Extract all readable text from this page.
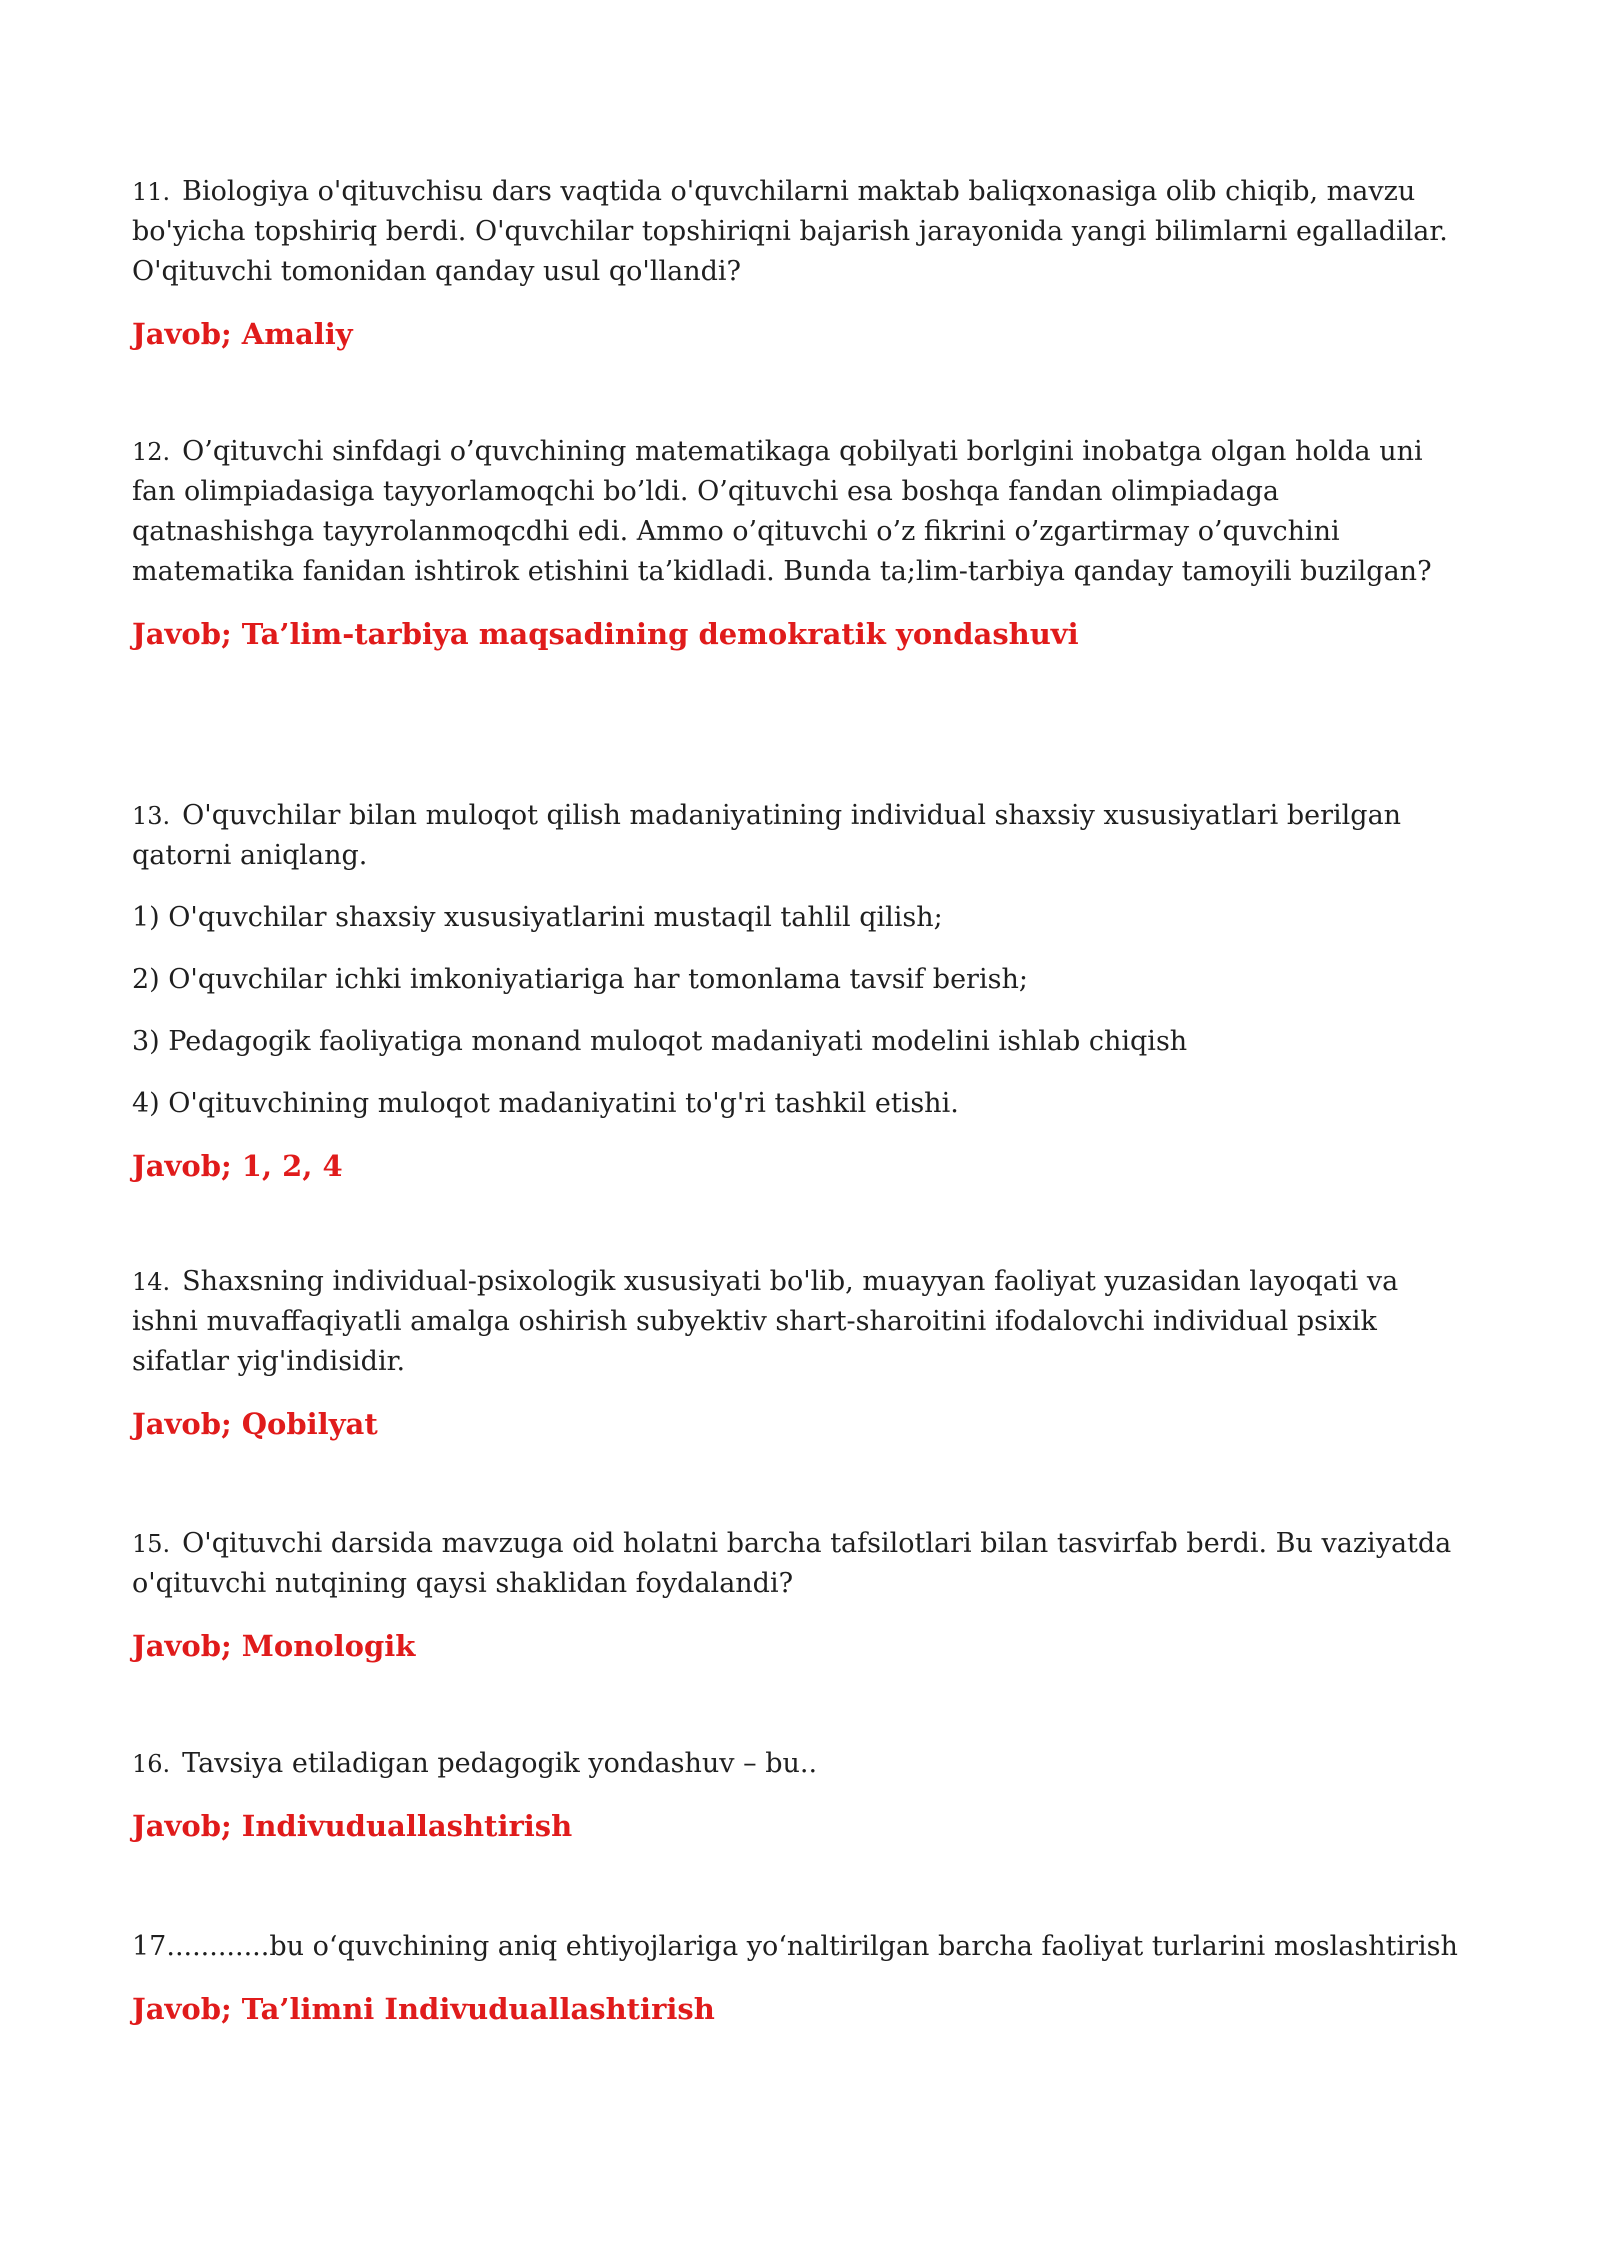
11. Biologiya o'qituvchisu dars vaqtida o'quvchilarni maktab baliqxonasiga olib chiqib, mavzu bo'yicha topshiriq berdi. O'quvchilar topshiriqni bajarish jarayonida yangi bilimlarni egalladilar. O'qituvchi tomonidan qanday usul qo'llandi?

Javob; Amaliy

12. O’qituvchi sinfdagi o’quvchining matematikaga qobilyati borlgini inobatga olgan holda uni fan olimpiadasiga tayyorlamoqchi bo’ldi. O’qituvchi esa boshqa fandan olimpiadaga qatnashishga tayyrolanmoqcdhi edi. Ammo o’qituvchi o’z fikrini o’zgartirmay o’quvchini matematika fanidan ishtirok etishini ta’kidladi. Bunda ta;lim-tarbiya qanday tamoyili buzilgan?

Javob; Ta’lim-tarbiya maqsadining demokratik yondashuvi

13. O'quvchilar bilan muloqot qilish madaniyatining individual shaxsiy xususiyatlari berilgan qatorni aniqlang.

1) O'quvchilar shaxsiy xususiyatlarini mustaqil tahlil qilish;

2) O'quvchilar ichki imkoniyatiariga har tomonlama tavsif berish;

3) Pedagogik faoliyatiga monand muloqot madaniyati modelini ishlab chiqish

4) O'qituvchining muloqot madaniyatini to'g'ri tashkil etishi.

Javob; 1, 2, 4

14. Shaxsning individual-psixologik xususiyati bo'lib, muayyan faoliyat yuzasidan layoqati va ishni muvaffaqiyatli amalga oshirish subyektiv shart-sharoitini ifodalovchi individual psixik sifatlar yig'indisidir.

Javob; Qobilyat

15. O'qituvchi darsida mavzuga oid holatni barcha tafsilotlari bilan tasvirfab berdi. Bu vaziyatda o'qituvchi nutqining qaysi shaklidan foydalandi?

Javob; Monologik

16. Tavsiya etiladigan pedagogik yondashuv – bu..

Javob; Indivuduallashtirish

17............bu o‘quvchining aniq ehtiyojlariga yo‘naltirilgan barcha faoliyat turlarini moslashtirish

Javob; Ta’limni Indivuduallashtirish
